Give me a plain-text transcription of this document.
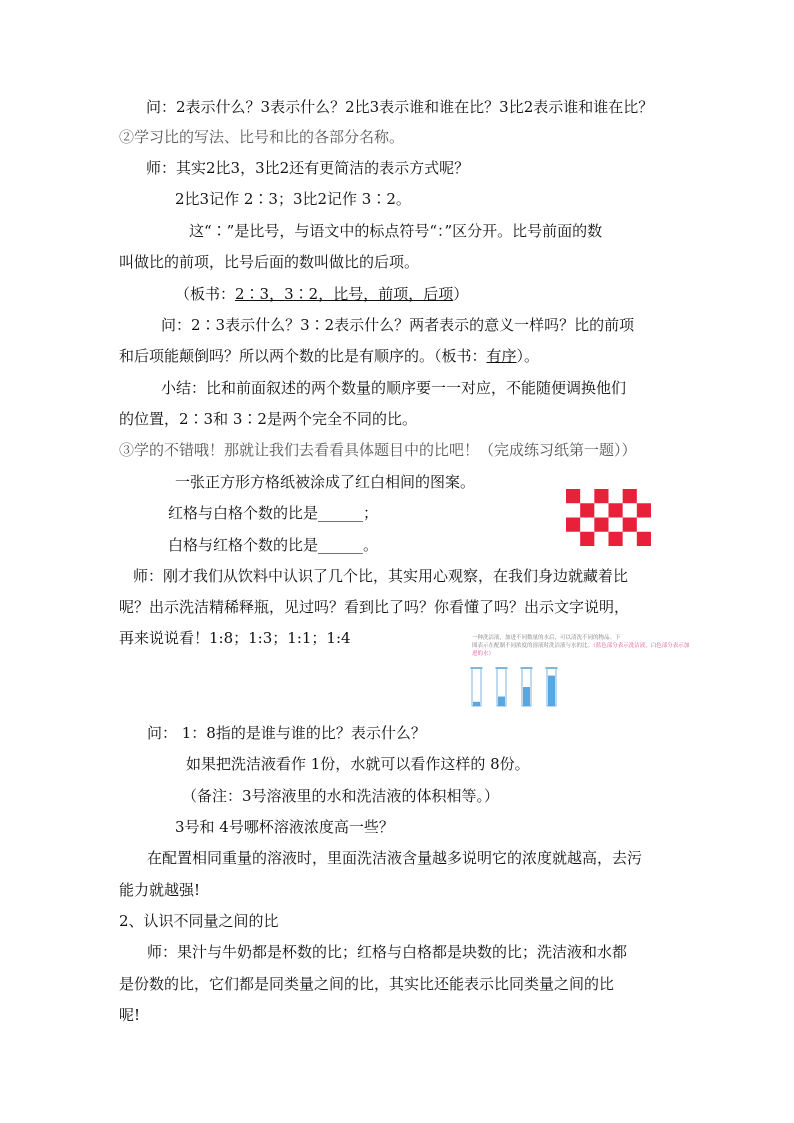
问：2表示什么？3表示什么？2比3表示谁和谁在比？3比2表示谁和谁在比？
②学习比的写法、比号和比的各部分名称。
师：其实2比3，3比2还有更简洁的表示方式呢？
2比3记作 2∶3；3比2记作 3∶2。
这“∶”是比号，与语文中的标点符号“：”区分开。比号前面的数
叫做比的前项，比号后面的数叫做比的后项。
（板书：2∶3，3∶2，比号，前项，后项）
问：2∶3表示什么？3∶2表示什么？两者表示的意义一样吗？比的前项
和后项能颠倒吗？所以两个数的比是有顺序的。（板书：有序）。
小结：比和前面叙述的两个数量的顺序要一一对应，不能随便调换他们
的位置，2∶3和 3∶2是两个完全不同的比。
③学的不错哦！那就让我们去看看具体题目中的比吧！（完成练习纸第一题））
一张正方形方格纸被涂成了红白相间的图案。
红格与白格个数的比是______；
白格与红格个数的比是______。
师：刚才我们从饮料中认识了几个比，其实用心观察，在我们身边就藏着比
呢？出示洗洁精稀释瓶，见过吗？看到比了吗？你看懂了吗？出示文字说明，
再来说说看！1:8；1:3；1:1；1:4	一种洗洁液，加进不同数量的水后，可以清洗不同的物品。下
图表示在配制不同浓度的溶液时洗洁液与水的比。（蓝色部分表示洗洁液，白色部分表示加进的水）
问： 1：8指的是谁与谁的比？表示什么？
如果把洗洁液看作 1份，水就可以看作这样的 8份。
（备注：3号溶液里的水和洗洁液的体积相等。）
3号和 4号哪杯溶液浓度高一些？
在配置相同重量的溶液时，里面洗洁液含量越多说明它的浓度就越高，去污
能力就越强!
2、认识不同量之间的比
师：果汁与牛奶都是杯数的比；红格与白格都是块数的比；洗洁液和水都
是份数的比，它们都是同类量之间的比，其实比还能表示比同类量之间的比
呢!
